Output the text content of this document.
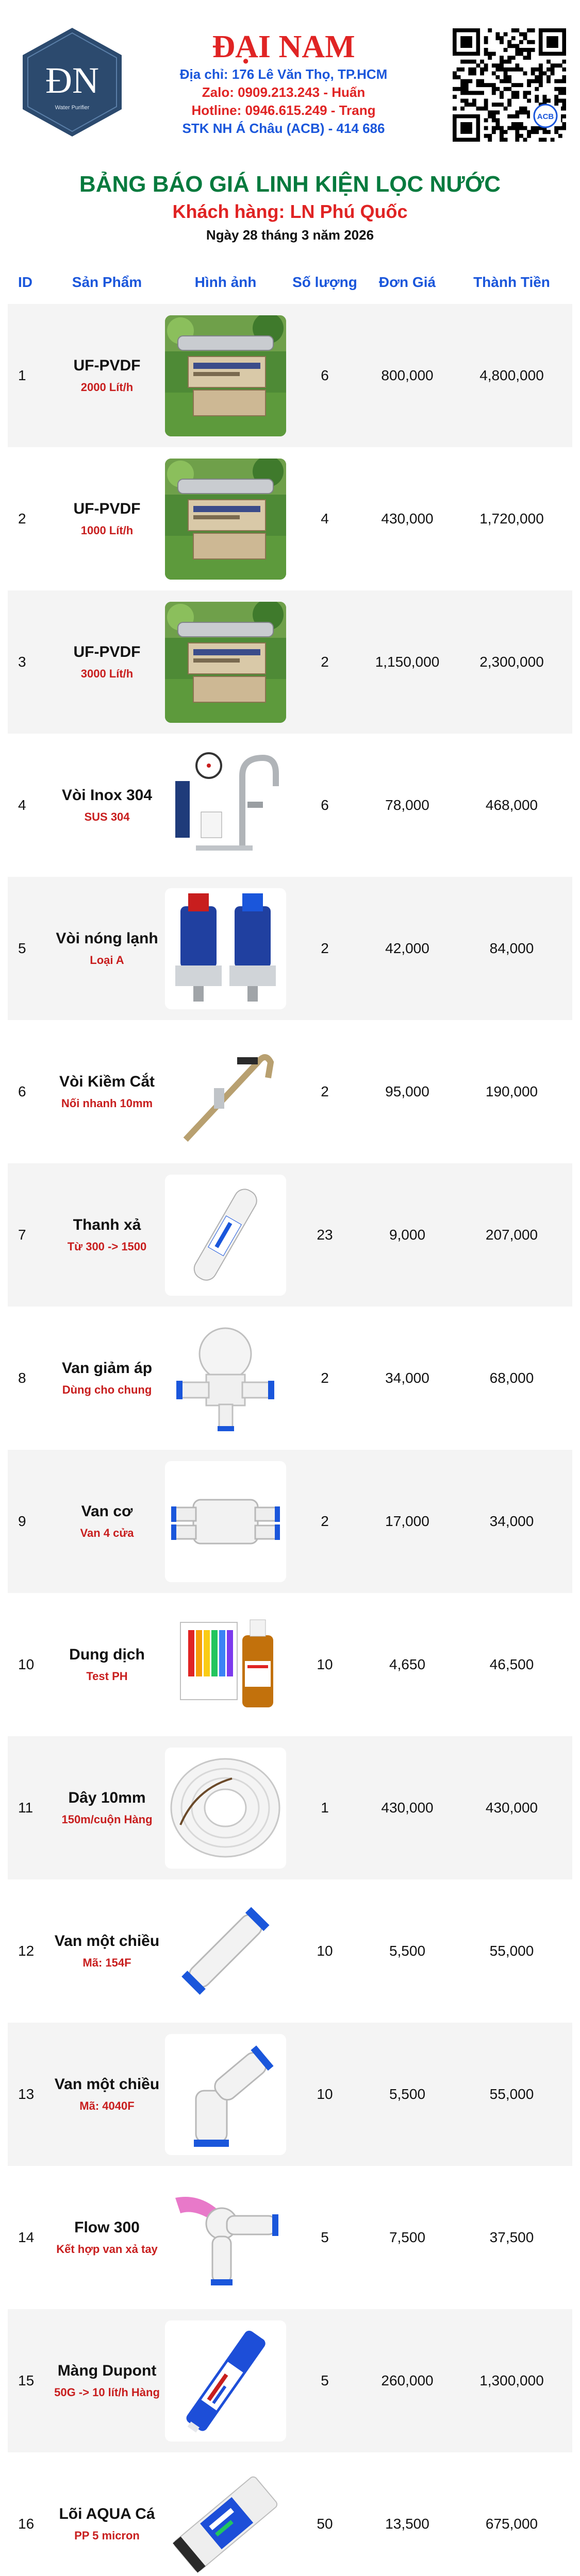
ĐN
Water Purifier
ĐẠI NAM
Địa chỉ: 176 Lê Văn Thọ, TP.HCM
Zalo: 0909.213.243 - Huấn
Hotline: 0946.615.249 - Trang
STK NH Á Châu (ACB) - 414 686
ACB
BẢNG BÁO GIÁ LINH KIỆN LỌC NƯỚC
Khách hàng: LN Phú Quốc
Ngày 28 tháng 3 năm 2026
ID	Sản Phẩm	Hình ảnh	Số lượng	Đơn Giá	Thành Tiền
1
UF-PVDF
2000 Lít/h
6	800,000	4,800,000
2
UF-PVDF
1000 Lít/h
4	430,000	1,720,000
3
UF-PVDF
3000 Lít/h
2	1,150,000	2,300,000
4
Vòi Inox 304
SUS 304
6	78,000	468,000
5
Vòi nóng lạnh
Loại A
2	42,000	84,000
6
Vòi Kiềm Cắt
Nối nhanh 10mm
2	95,000	190,000
7
Thanh xả
Từ 300 -> 1500
23	9,000	207,000
8
Van giảm áp
Dùng cho chung
2	34,000	68,000
9
Van cơ
Van 4 cửa
2	17,000	34,000
10
Dung dịch
Test PH
10	4,650	46,500
11
Dây 10mm
150m/cuộn Hàng
1	430,000	430,000
12
Van một chiều
Mã: 154F
10	5,500	55,000
13
Van một chiều
Mã: 4040F
10	5,500	55,000
14
Flow 300
Kết hợp van xả tay
5	7,500	37,500
15
Màng Dupont
50G -> 10 lít/h Hàng
5	260,000	1,300,000
16
Lõi AQUA Cá
PP 5 micron
50	13,500	675,000
